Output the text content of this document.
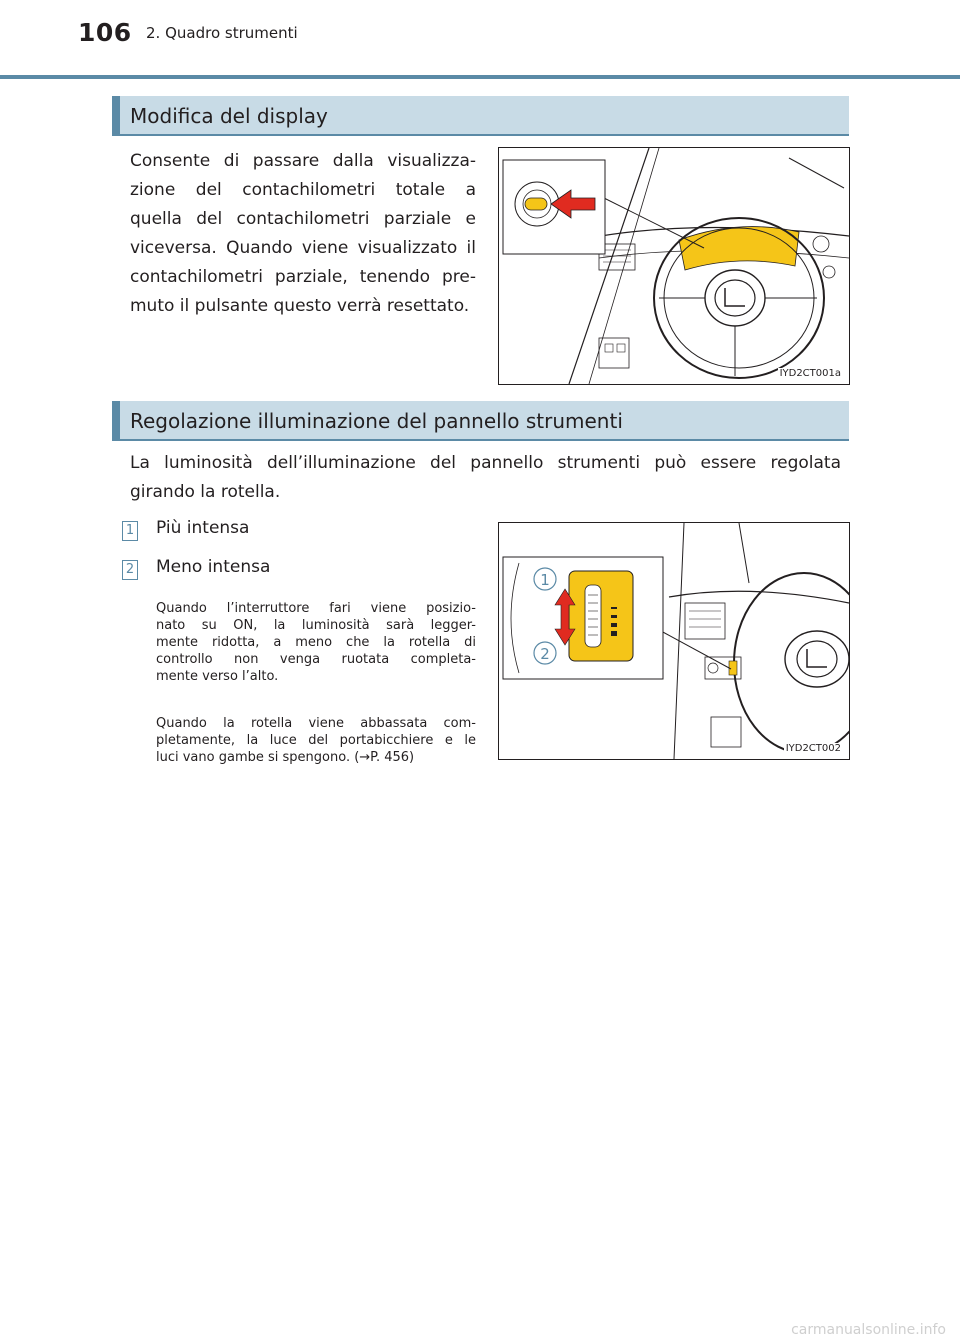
106 2. Quadro strumenti
Modifica del display
Consente di passare dalla visualizza-
zione del contachilometri totale a
quella del contachilometri parziale e
viceversa. Quando viene visualizzato il
contachilometri parziale, tenendo pre-
muto il pulsante questo verrà resettato.
IYD2CT001a
Regolazione illuminazione del pannello strumenti
La luminosità dell’illuminazione del pannello strumenti può essere regolata
girando la rotella.
1 Più intensa
2 Meno intensa
Quando l’interruttore fari viene posizio-
nato su ON, la luminosità sarà legger-
mente ridotta, a meno che la rotella di
controllo non venga ruotata completa-
mente verso l’alto.
Quando la rotella viene abbassata com-
pletamente, la luce del portabicchiere e le
luci vano gambe si spengono. (→P. 456)
1
2
IYD2CT002
carmanualsonline.info
